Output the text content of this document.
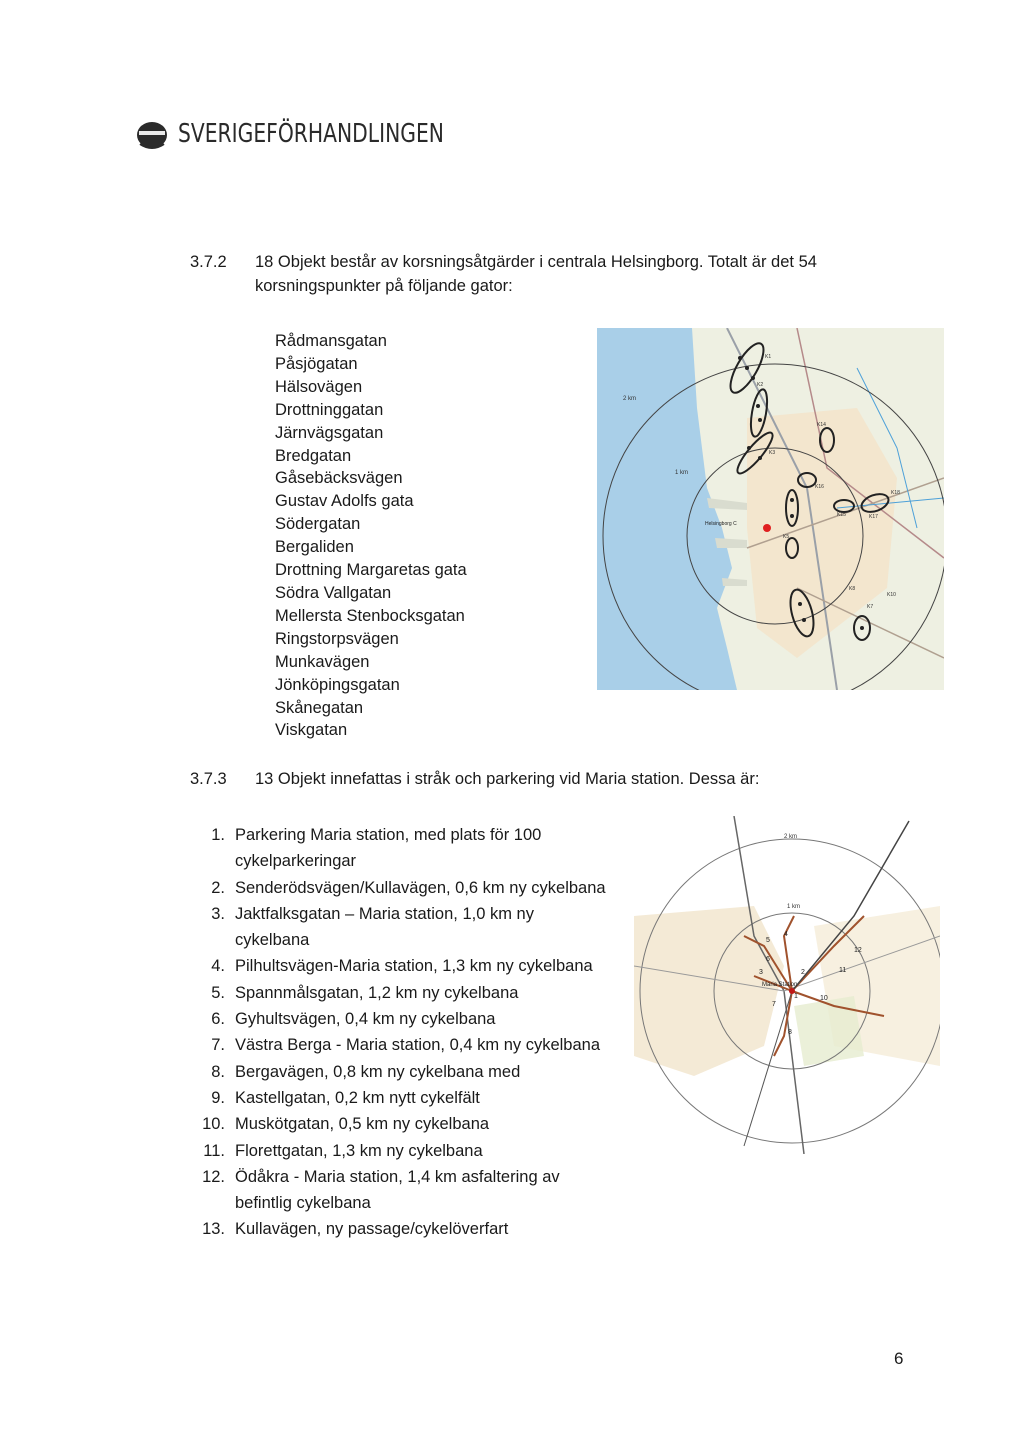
SVERIGEFÖRHANDLINGEN
3.7.2 18 Objekt består av korsningsåtgärder i centrala Helsingborg. Totalt är det 54
korsningspunkter på följande gator:
Rådmansgatan
Påsjögatan
Hälsovägen
Drottninggatan
Järnvägsgatan
Bredgatan
Gåsebäcksvägen
Gustav Adolfs gata
Södergatan
Bergaliden
Drottning Margaretas gata
Södra Vallgatan
Mellersta Stenbocksgatan
Ringstorpsvägen
Munkavägen
Jönköpingsgatan
Skånegatan
Viskgatan
Helsingborg C
2 km
1 km
K1
K2
K3
K5
K14
K15
K16
K17
K18
K10
K8
K7
3.7.3 13 Objekt innefattas i stråk och parkering vid Maria station. Dessa är:
1. Parkering Maria station, med plats för 100 cykelparkeringar
2. Senderödsvägen/Kullavägen, 0,6 km ny cykelbana
3. Jaktfalksgatan – Maria station, 1,0 km ny cykelbana
4. Pilhultsvägen-Maria station, 1,3 km ny cykelbana
5. Spannmålsgatan, 1,2 km ny cykelbana
6. Gyhultsvägen, 0,4 km ny cykelbana
7. Västra Berga - Maria station, 0,4 km ny cykelbana
8. Bergavägen, 0,8 km ny cykelbana med
9. Kastellgatan, 0,2 km nytt cykelfält
10. Muskötgatan, 0,5 km ny cykelbana
11. Florettgatan, 1,3 km ny cykelbana
12. Ödåkra - Maria station, 1,4 km asfaltering av befintlig cykelbana
13. Kullavägen, ny passage/cykelöverfart
Maria Station
2 km
1 km
1
2
3
4
5
6
7
8
10
11
12
6
